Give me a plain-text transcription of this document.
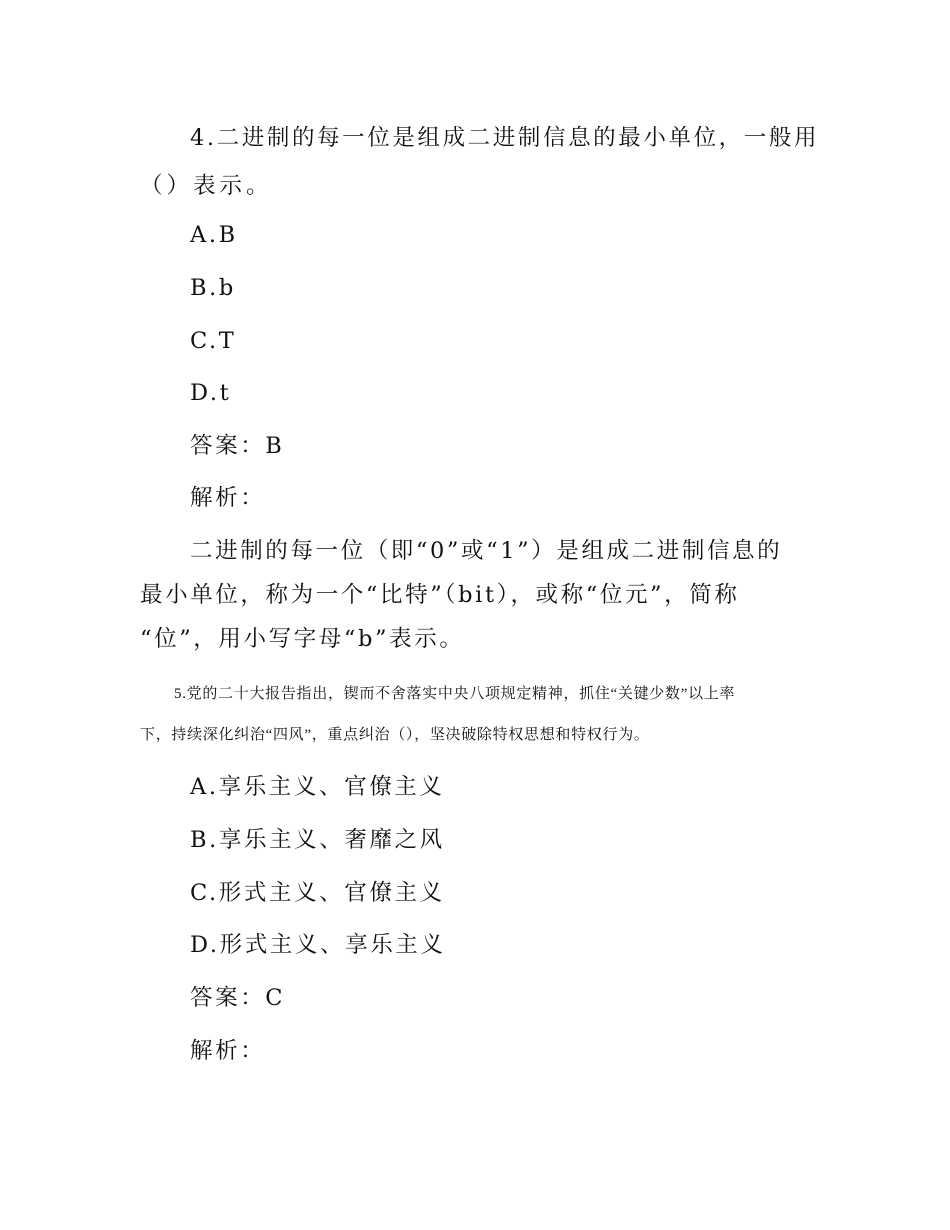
4.二进制的每一位是组成二进制信息的最小单位，一般用
（）表示。
A.B
B.b
C.T
D.t
答案：B
解析：
二进制的每一位（即“0”或“1”）是组成二进制信息的
最小单位，称为一个“比特”（bit），或称“位元”，简称
“位”，用小写字母“b”表示。
5.党的二十大报告指出，锲而不舍落实中央八项规定精神，抓住“关键少数”以上率
下，持续深化纠治“四风”，重点纠治（），坚决破除特权思想和特权行为。
A.享乐主义、官僚主义
B.享乐主义、奢靡之风
C.形式主义、官僚主义
D.形式主义、享乐主义
答案：C
解析：
